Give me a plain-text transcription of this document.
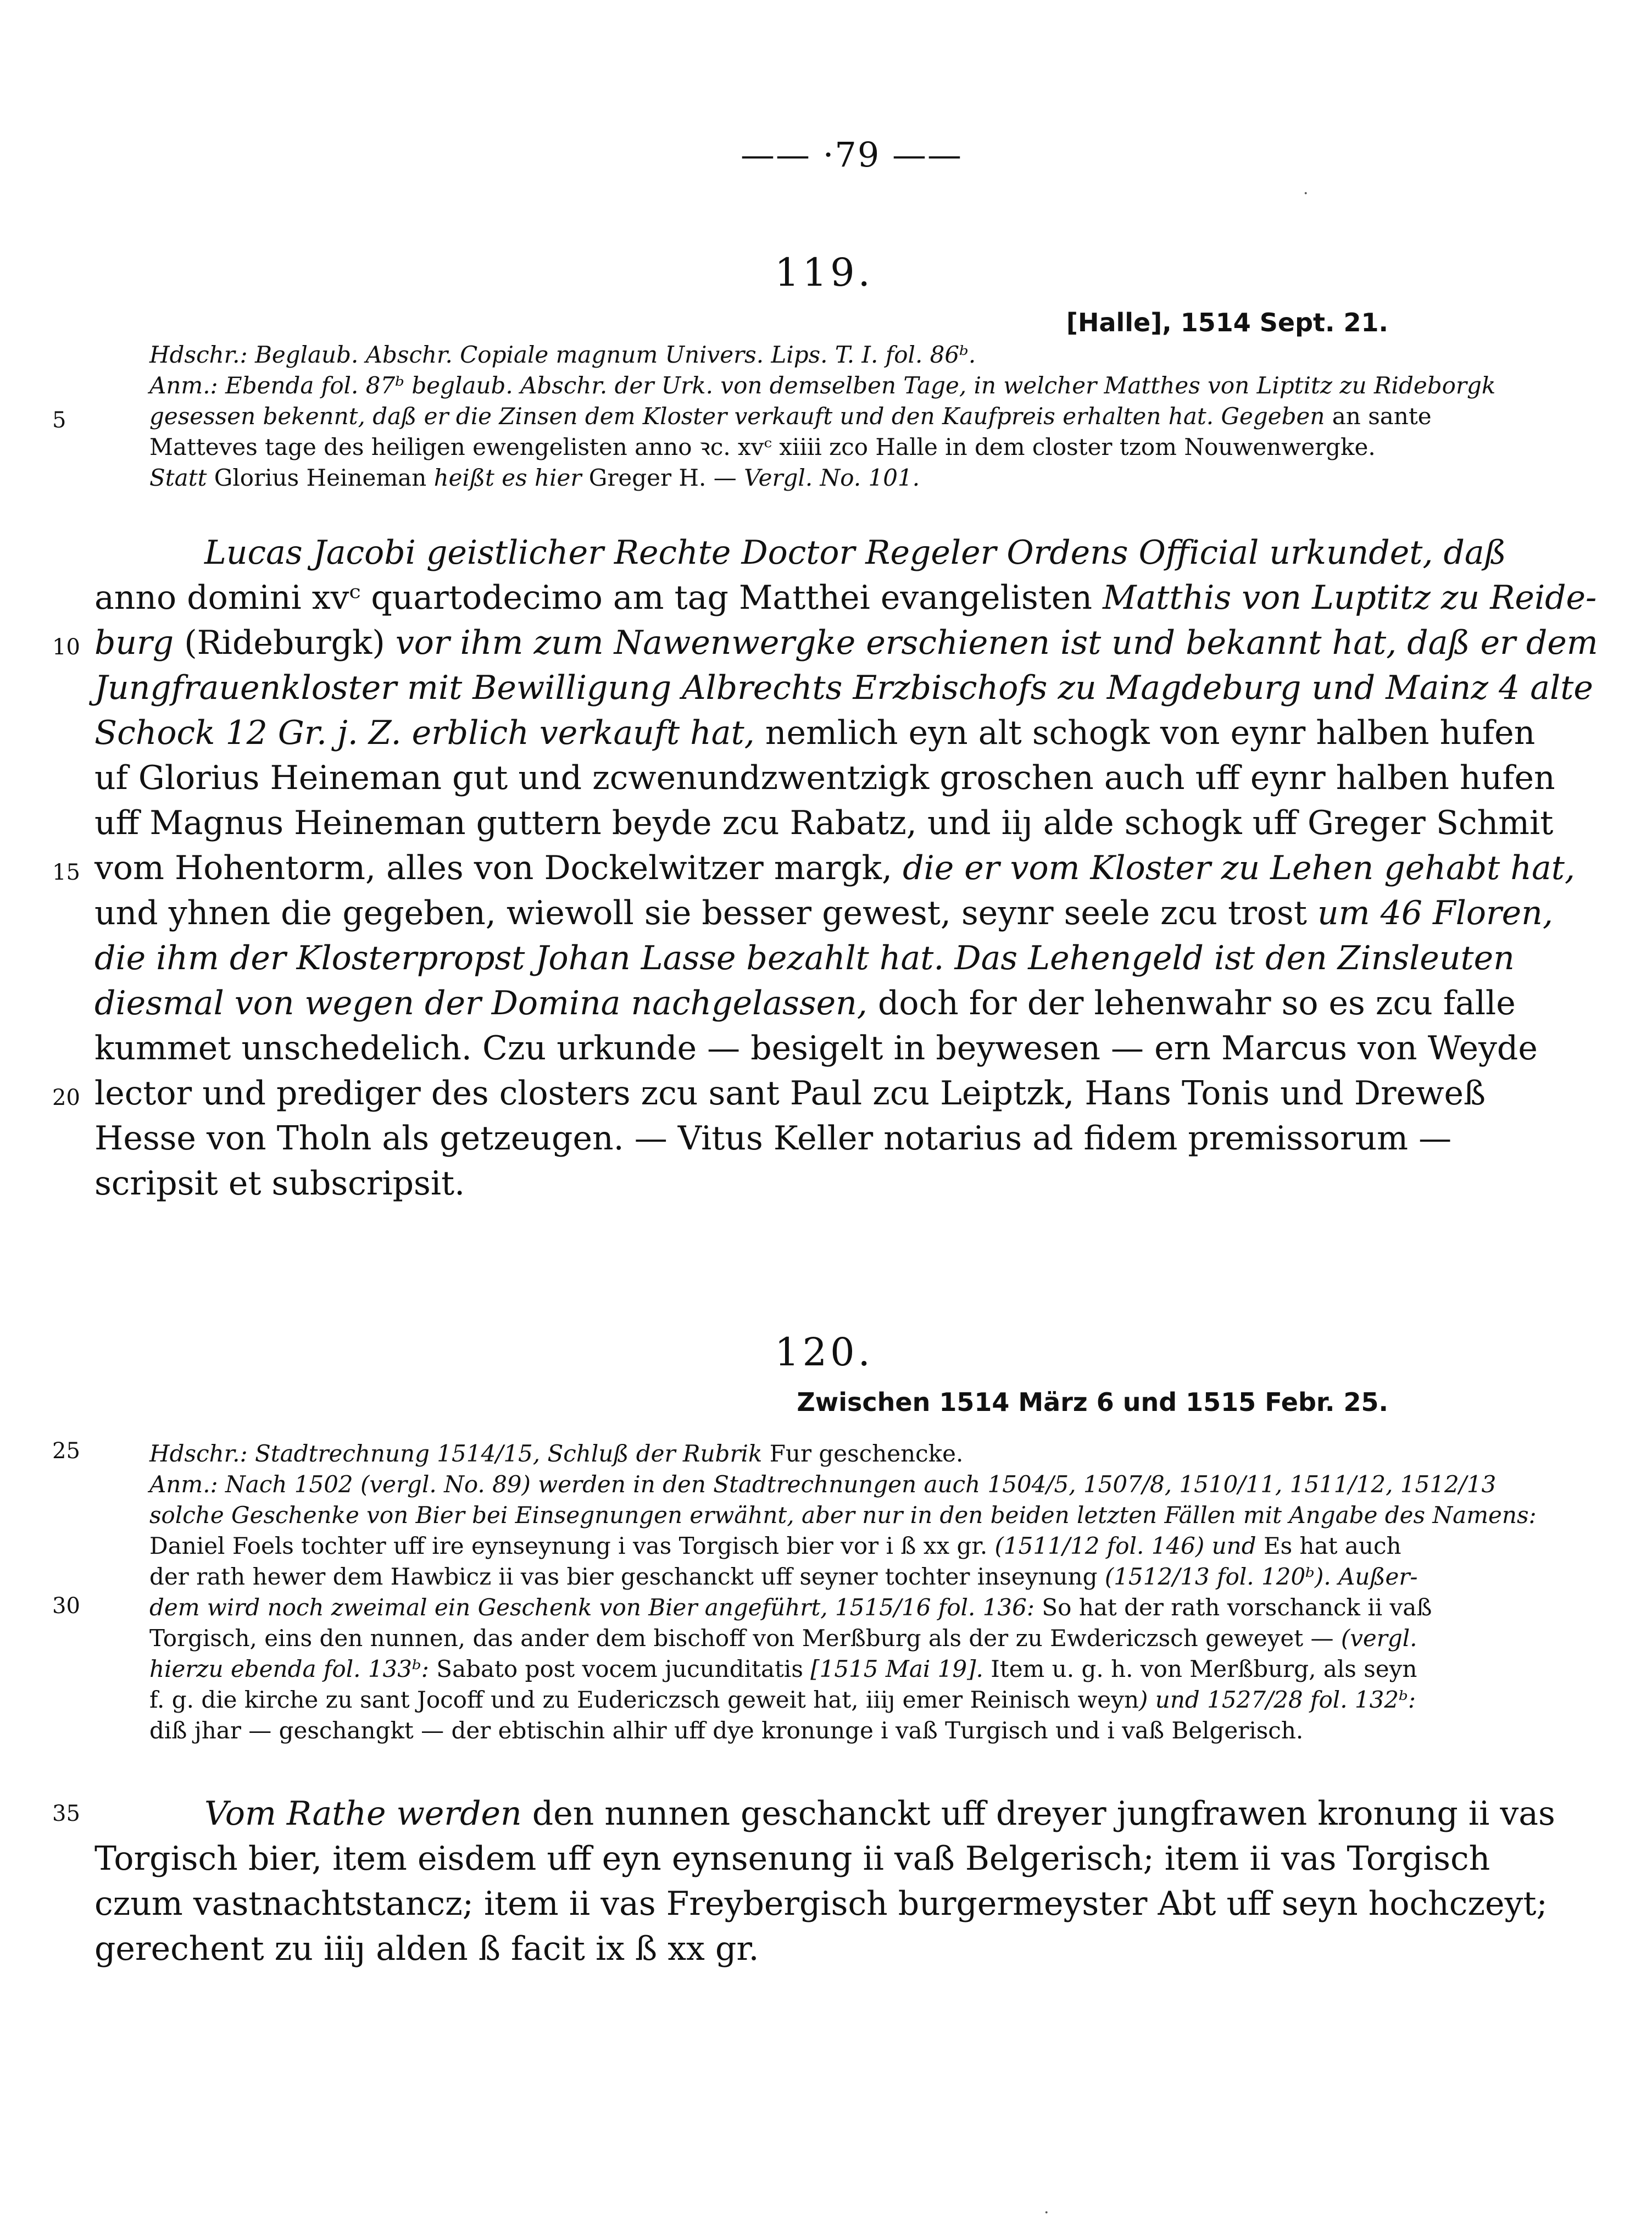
—— ·79 ——
119.
[Halle], 1514 Sept. 21.
Hdschr.: Beglaub. Abschr. Copiale magnum Univers. Lips. T. I. fol. 86ᵇ.
Anm.: Ebenda fol. 87ᵇ beglaub. Abschr. der Urk. von demselben Tage, in welcher Matthes von Liptitz zu Rideborgk
gesessen bekennt, daß er die Zinsen dem Kloster verkauft und den Kaufpreis erhalten hat. Gegeben an sante
Matteves tage des heiligen ewengelisten anno ꝛc. xvᶜ xiiii zco Halle in dem closter tzom Nouwenwergke.
Statt Glorius Heineman heißt es hier Greger H. — Vergl. No. 101.
Lucas Jacobi geistlicher Rechte Doctor Regeler Ordens Official urkundet, daß
anno domini xvᶜ quartodecimo am tag Matthei evangelisten Matthis von Luptitz zu Reide-
burg (Rideburgk) vor ihm zum Nawenwergke erschienen ist und bekannt hat, daß er dem
Jungfrauenkloster mit Bewilligung Albrechts Erzbischofs zu Magdeburg und Mainz 4 alte
Schock 12 Gr. j. Z. erblich verkauft hat, nemlich eyn alt schogk von eynr halben hufen
uf Glorius Heineman gut und zcwenundzwentzigk groschen auch uff eynr halben hufen
uff Magnus Heineman guttern beyde zcu Rabatz, und iiȷ alde schogk uff Greger Schmit
vom Hohentorm, alles von Dockelwitzer margk, die er vom Kloster zu Lehen gehabt hat,
und yhnen die gegeben, wiewoll sie besser gewest, seynr seele zcu trost um 46 Floren,
die ihm der Klosterpropst Johan Lasse bezahlt hat. Das Lehengeld ist den Zinsleuten
diesmal von wegen der Domina nachgelassen, doch for der lehenwahr so es zcu falle
kummet unschedelich. Czu urkunde — besigelt in beywesen — ern Marcus von Weyde
lector und prediger des closters zcu sant Paul zcu Leiptzk, Hans Tonis und Dreweß
Hesse von Tholn als getzeugen. — Vitus Keller notarius ad fidem premissorum —
scripsit et subscripsit.
120.
Zwischen 1514 März 6 und 1515 Febr. 25.
Hdschr.: Stadtrechnung 1514/15, Schluß der Rubrik Fur geschencke.
Anm.: Nach 1502 (vergl. No. 89) werden in den Stadtrechnungen auch 1504/5, 1507/8, 1510/11, 1511/12, 1512/13
solche Geschenke von Bier bei Einsegnungen erwähnt, aber nur in den beiden letzten Fällen mit Angabe des Namens:
Daniel Foels tochter uff ire eynseynung i vas Torgisch bier vor i ß xx gr. (1511/12 fol. 146) und Es hat auch
der rath hewer dem Hawbicz ii vas bier geschanckt uff seyner tochter inseynung (1512/13 fol. 120ᵇ). Außer-
dem wird noch zweimal ein Geschenk von Bier angeführt, 1515/16 fol. 136: So hat der rath vorschanck ii vaß
Torgisch, eins den nunnen, das ander dem bischoff von Merßburg als der zu Ewdericzsch geweyet — (vergl.
hierzu ebenda fol. 133ᵇ: Sabato post vocem jucunditatis [1515 Mai 19]. Item u. g. h. von Merßburg, als seyn
f. g. die kirche zu sant Jocoff und zu Eudericzsch geweit hat, iiiȷ emer Reinisch weyn) und 1527/28 fol. 132ᵇ:
diß jhar — geschangkt — der ebtischin alhir uff dye kronunge i vaß Turgisch und i vaß Belgerisch.
Vom Rathe werden den nunnen geschanckt uff dreyer jungfrawen kronung ii vas
Torgisch bier, item eisdem uff eyn eynsenung ii vaß Belgerisch; item ii vas Torgisch
czum vastnachtstancz; item ii vas Freybergisch burgermeyster Abt uff seyn hochczeyt;
gerechent zu iiiȷ alden ß facit ix ß xx gr.
5
10
15
20
25
30
35
·
·
